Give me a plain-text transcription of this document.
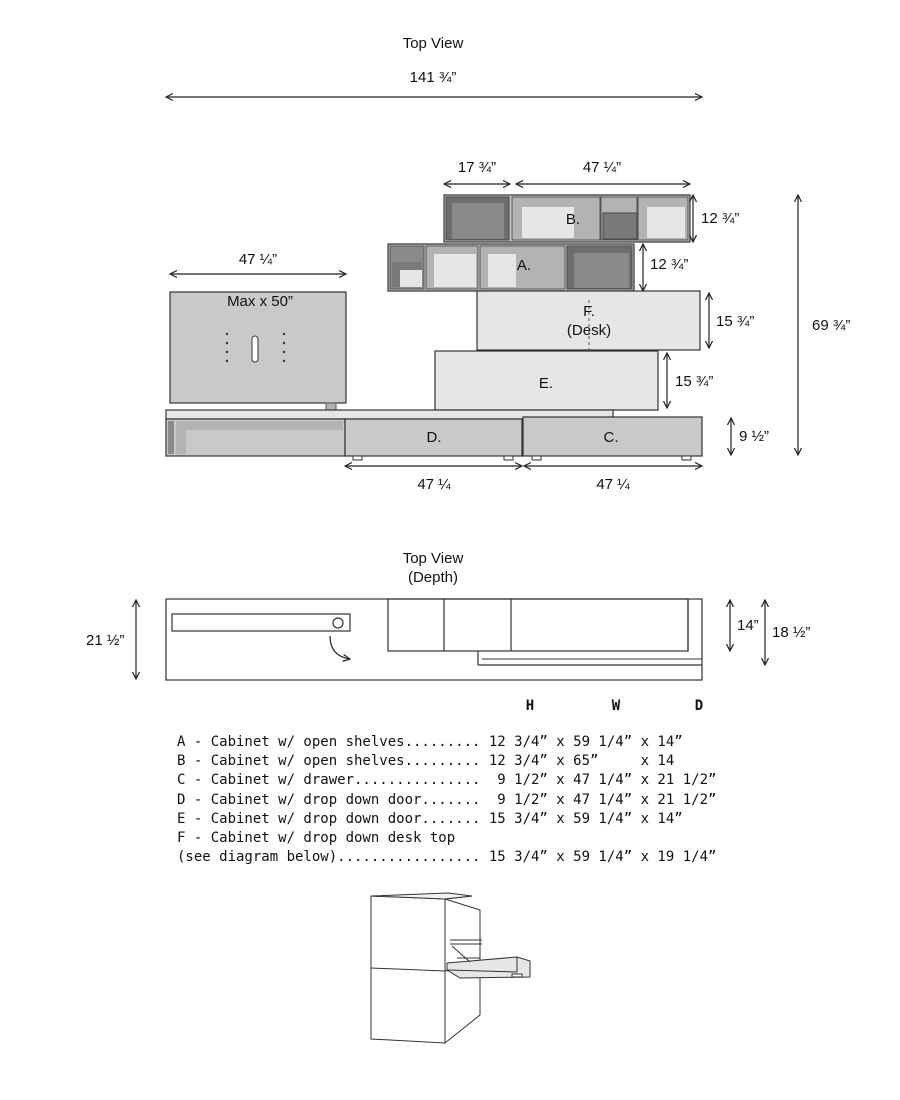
Top View
141 ¾”
17 ¾”	47 ¼”
B.	12 ¾”
A.	12 ¾”
F.
(Desk)
15 ¾”
E.	15 ¾”
69 ¾”
47 ¼”
Max x 50”
D.	C.	9 ½”
47 ¼	47 ¼
Top View
(Depth)
21 ½”
14” 18 ½”
H	W	D
A - Cabinet w/ open shelves......... 12 3/4” x 59 1/4” x 14”
B - Cabinet w/ open shelves......... 12 3/4” x 65”     x 14
C - Cabinet w/ drawer...............  9 1/2” x 47 1/4” x 21 1/2”
D - Cabinet w/ drop down door.......  9 1/2” x 47 1/4” x 21 1/2”
E - Cabinet w/ drop down door....... 15 3/4” x 59 1/4” x 14”
F - Cabinet w/ drop down desk top
(see diagram below)................. 15 3/4” x 59 1/4” x 19 1/4”
